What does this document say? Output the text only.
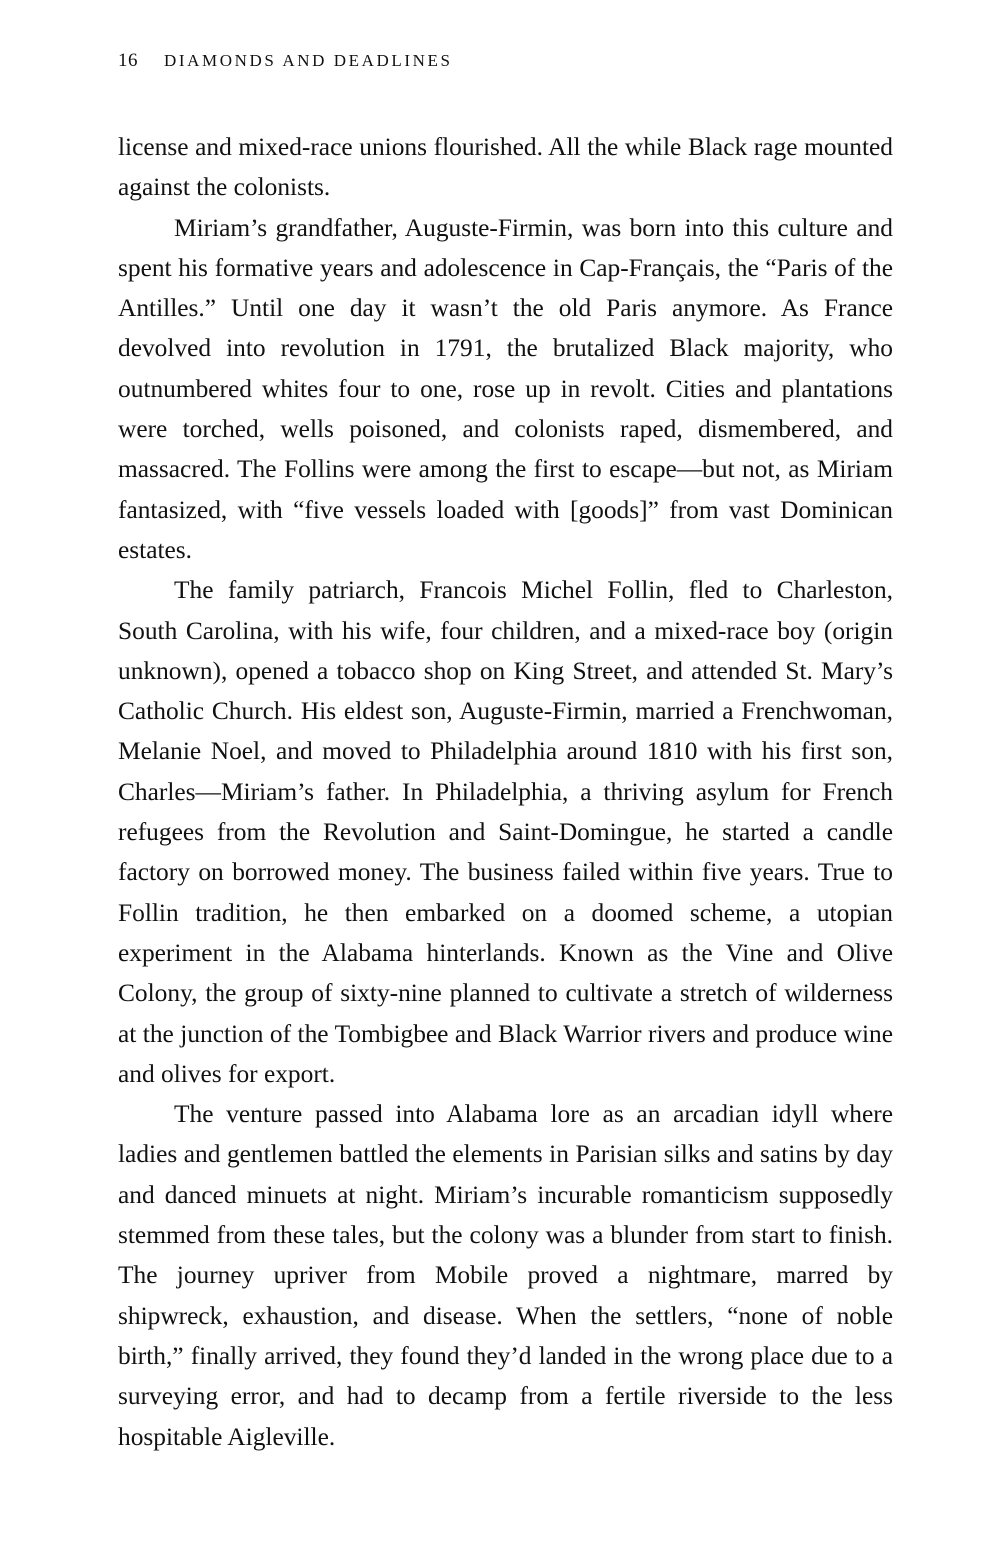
16 DIAMONDS AND DEADLINES

license and mixed-race unions flourished. All the while Black rage mounted against the colonists.

Miriam’s grandfather, Auguste-Firmin, was born into this culture and spent his formative years and adolescence in Cap-Français, the “Paris of the Antilles.” Until one day it wasn’t the old Paris anymore. As France devolved into revolution in 1791, the brutalized Black majority, who outnumbered whites four to one, rose up in revolt. Cities and plantations were torched, wells poisoned, and colonists raped, dismembered, and massacred. The Follins were among the first to escape—but not, as Miriam fantasized, with “five vessels loaded with [goods]” from vast Dominican estates.

The family patriarch, Francois Michel Follin, fled to Charleston, South Carolina, with his wife, four children, and a mixed-race boy (origin unknown), opened a tobacco shop on King Street, and attended St. Mary’s Catholic Church. His eldest son, Auguste-Firmin, married a Frenchwoman, Melanie Noel, and moved to Philadelphia around 1810 with his first son, Charles—Miriam’s father. In Philadelphia, a thriving asylum for French refugees from the Revolution and Saint-Domingue, he started a candle factory on borrowed money. The business failed within five years. True to Follin tradition, he then embarked on a doomed scheme, a utopian experiment in the Alabama hinterlands. Known as the Vine and Olive Colony, the group of sixty-nine planned to cultivate a stretch of wilderness at the junction of the Tombigbee and Black Warrior rivers and produce wine and olives for export.

The venture passed into Alabama lore as an arcadian idyll where ladies and gentlemen battled the elements in Parisian silks and satins by day and danced minuets at night. Miriam’s incurable romanticism supposedly stemmed from these tales, but the colony was a blunder from start to finish. The journey upriver from Mobile proved a nightmare, marred by shipwreck, exhaustion, and disease. When the settlers, “none of noble birth,” finally arrived, they found they’d landed in the wrong place due to a surveying error, and had to decamp from a fertile riverside to the less hospitable Aigleville.
